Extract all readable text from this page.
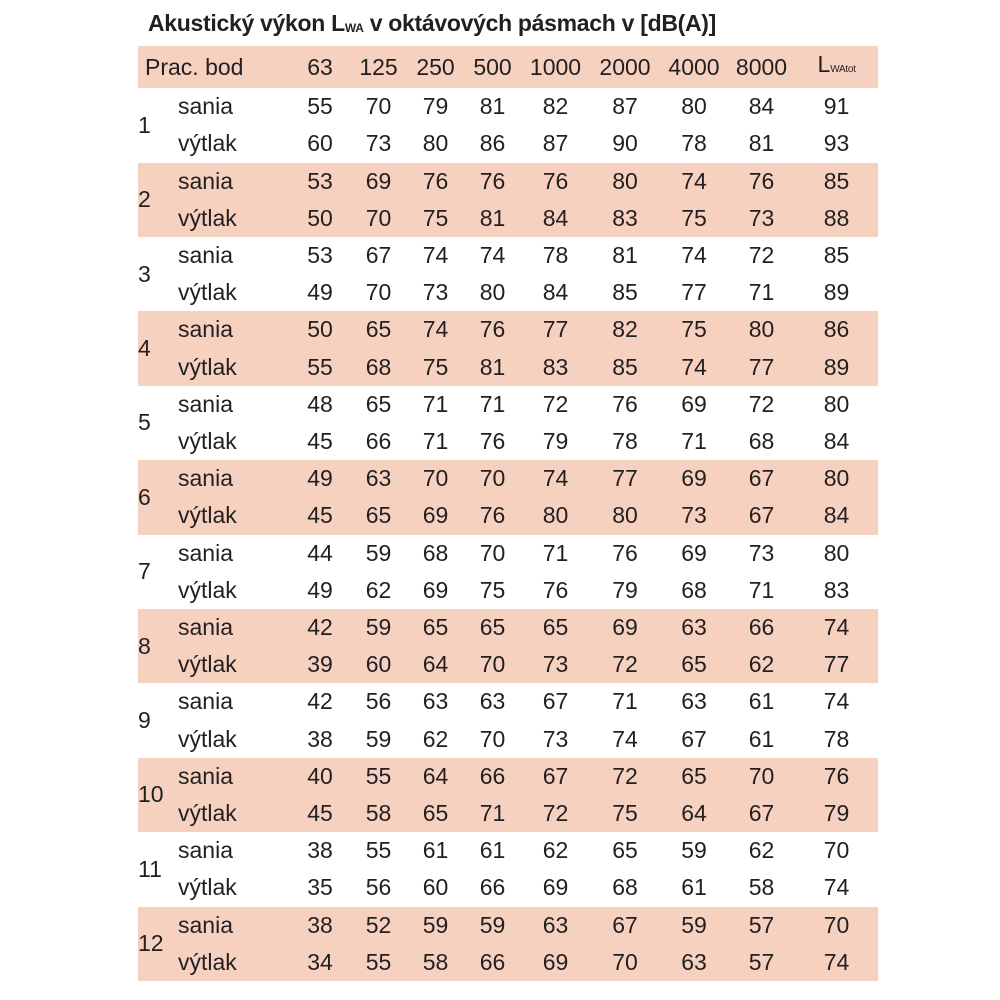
Akustický výkon LWA v oktávových pásmach v [dB(A)]
Prac. bod		63	125	250	500	1000	2000	4000	8000	LWAtot
1	sania	55	70	79	81	82	87	80	84	91
	výtlak	60	73	80	86	87	90	78	81	93
2	sania	53	69	76	76	76	80	74	76	85
	výtlak	50	70	75	81	84	83	75	73	88
3	sania	53	67	74	74	78	81	74	72	85
	výtlak	49	70	73	80	84	85	77	71	89
4	sania	50	65	74	76	77	82	75	80	86
	výtlak	55	68	75	81	83	85	74	77	89
5	sania	48	65	71	71	72	76	69	72	80
	výtlak	45	66	71	76	79	78	71	68	84
6	sania	49	63	70	70	74	77	69	67	80
	výtlak	45	65	69	76	80	80	73	67	84
7	sania	44	59	68	70	71	76	69	73	80
	výtlak	49	62	69	75	76	79	68	71	83
8	sania	42	59	65	65	65	69	63	66	74
	výtlak	39	60	64	70	73	72	65	62	77
9	sania	42	56	63	63	67	71	63	61	74
	výtlak	38	59	62	70	73	74	67	61	78
10	sania	40	55	64	66	67	72	65	70	76
	výtlak	45	58	65	71	72	75	64	67	79
11	sania	38	55	61	61	62	65	59	62	70
	výtlak	35	56	60	66	69	68	61	58	74
12	sania	38	52	59	59	63	67	59	57	70
	výtlak	34	55	58	66	69	70	63	57	74
